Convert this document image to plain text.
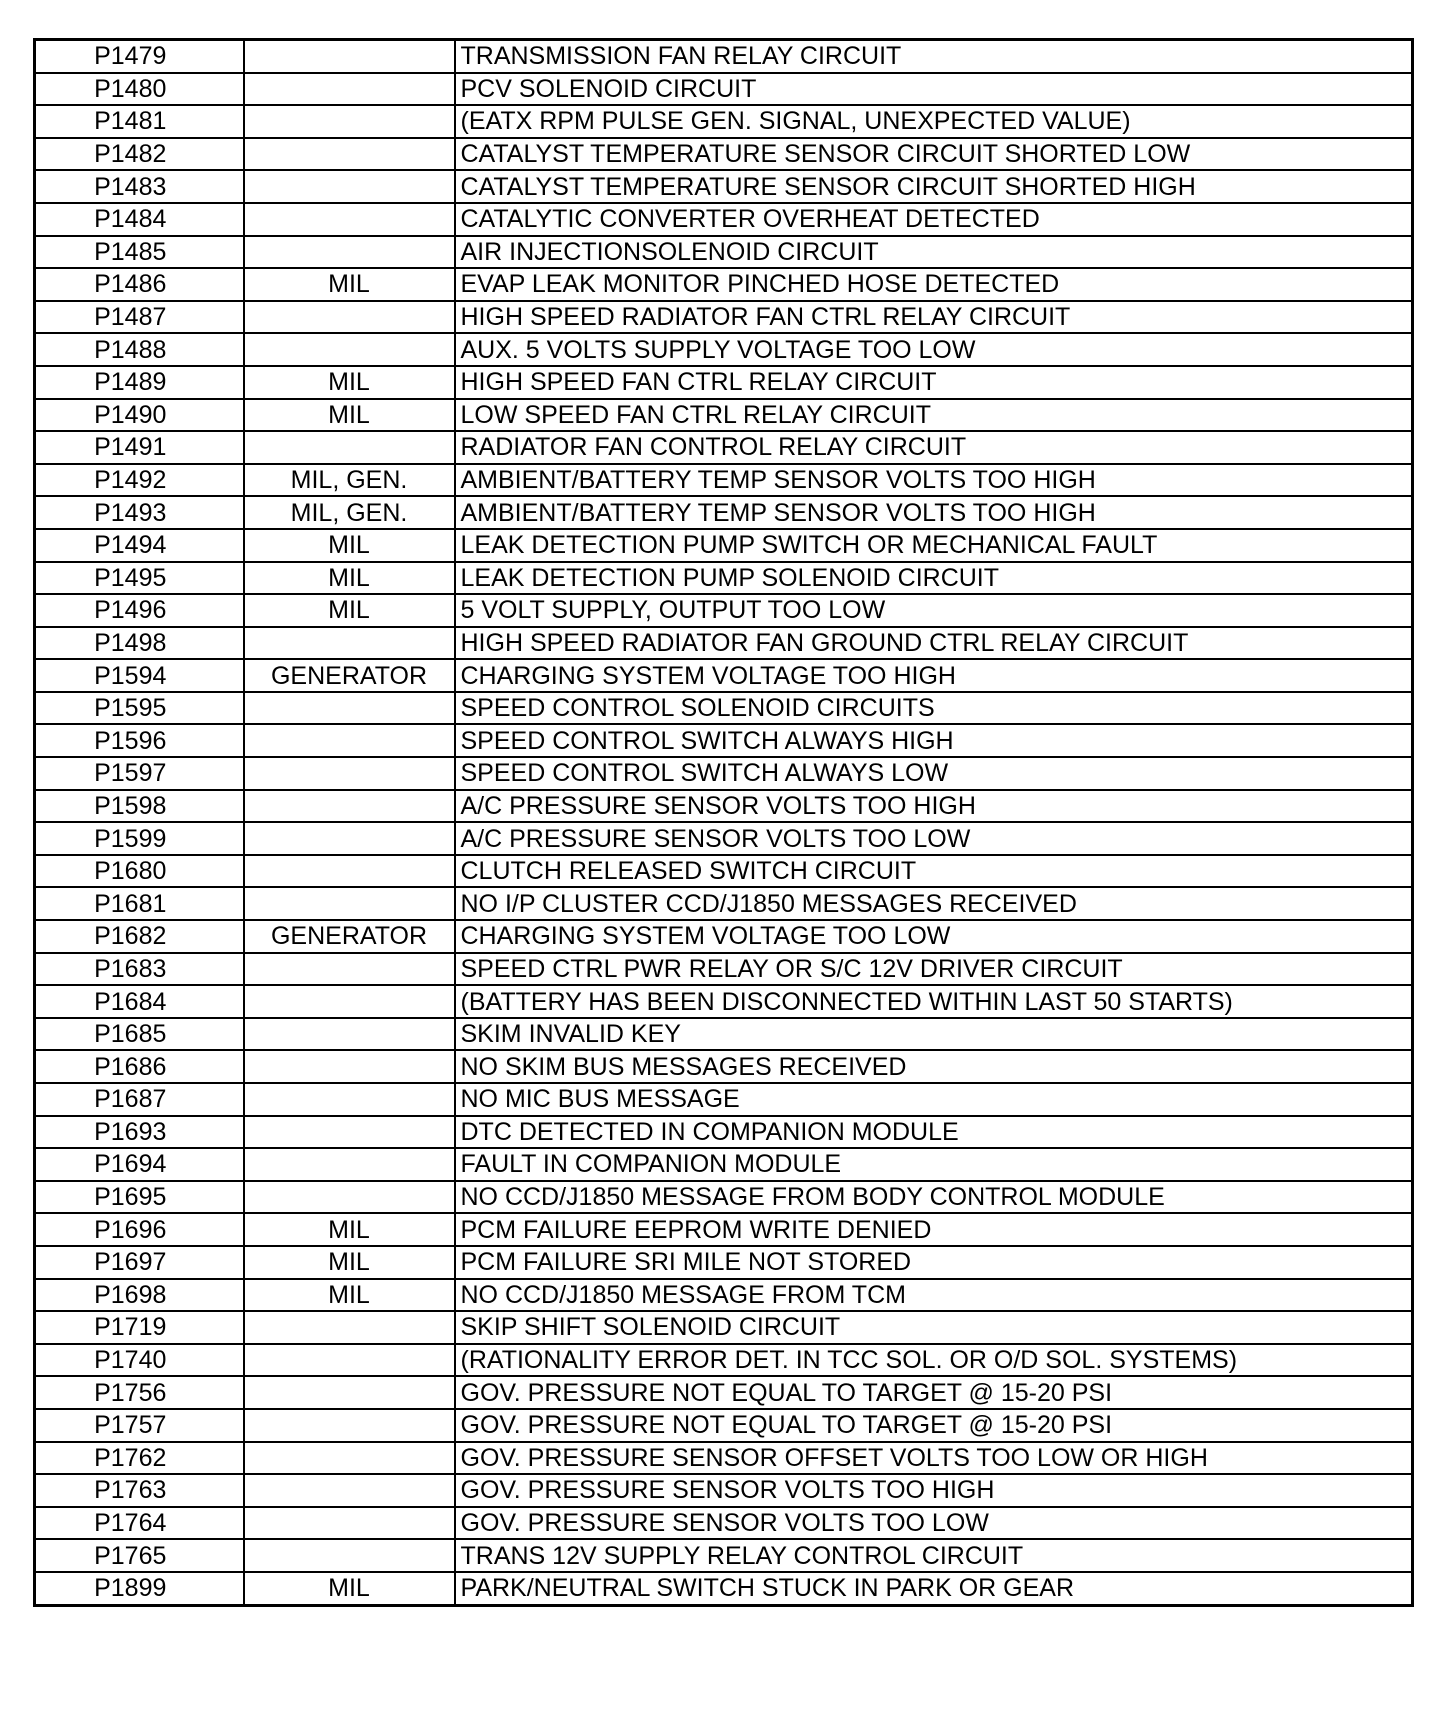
P1479		TRANSMISSION FAN RELAY CIRCUIT
P1480		PCV SOLENOID CIRCUIT
P1481		(EATX RPM PULSE GEN. SIGNAL, UNEXPECTED VALUE)
P1482		CATALYST TEMPERATURE SENSOR CIRCUIT SHORTED LOW
P1483		CATALYST TEMPERATURE SENSOR CIRCUIT SHORTED HIGH
P1484		CATALYTIC CONVERTER OVERHEAT DETECTED
P1485		AIR INJECTIONSOLENOID CIRCUIT
P1486	MIL	EVAP LEAK MONITOR PINCHED HOSE DETECTED
P1487		HIGH SPEED RADIATOR FAN CTRL RELAY CIRCUIT
P1488		AUX. 5 VOLTS SUPPLY VOLTAGE TOO LOW
P1489	MIL	HIGH SPEED FAN CTRL RELAY CIRCUIT
P1490	MIL	LOW SPEED FAN CTRL RELAY CIRCUIT
P1491		RADIATOR FAN CONTROL RELAY CIRCUIT
P1492	MIL, GEN.	AMBIENT/BATTERY TEMP SENSOR VOLTS TOO HIGH
P1493	MIL, GEN.	AMBIENT/BATTERY TEMP SENSOR VOLTS TOO HIGH
P1494	MIL	LEAK DETECTION PUMP SWITCH OR MECHANICAL FAULT
P1495	MIL	LEAK DETECTION PUMP SOLENOID CIRCUIT
P1496	MIL	5 VOLT SUPPLY, OUTPUT TOO LOW
P1498		HIGH SPEED RADIATOR FAN GROUND CTRL RELAY CIRCUIT
P1594	GENERATOR	CHARGING SYSTEM VOLTAGE TOO HIGH
P1595		SPEED CONTROL SOLENOID CIRCUITS
P1596		SPEED CONTROL SWITCH ALWAYS HIGH
P1597		SPEED CONTROL SWITCH ALWAYS LOW
P1598		A/C PRESSURE SENSOR VOLTS TOO HIGH
P1599		A/C PRESSURE SENSOR VOLTS TOO LOW
P1680		CLUTCH RELEASED SWITCH CIRCUIT
P1681		NO I/P CLUSTER CCD/J1850 MESSAGES RECEIVED
P1682	GENERATOR	CHARGING SYSTEM VOLTAGE TOO LOW
P1683		SPEED CTRL PWR RELAY OR S/C 12V DRIVER CIRCUIT
P1684		(BATTERY HAS BEEN DISCONNECTED WITHIN LAST 50 STARTS)
P1685		SKIM INVALID KEY
P1686		NO SKIM BUS MESSAGES RECEIVED
P1687		NO MIC BUS MESSAGE
P1693		DTC DETECTED IN COMPANION MODULE
P1694		FAULT IN COMPANION MODULE
P1695		NO CCD/J1850 MESSAGE FROM BODY CONTROL MODULE
P1696	MIL	PCM FAILURE EEPROM WRITE DENIED
P1697	MIL	PCM FAILURE SRI MILE NOT STORED
P1698	MIL	NO CCD/J1850 MESSAGE FROM TCM
P1719		SKIP SHIFT SOLENOID CIRCUIT
P1740		(RATIONALITY ERROR DET. IN TCC SOL. OR O/D SOL. SYSTEMS)
P1756		GOV. PRESSURE NOT EQUAL TO TARGET @ 15-20 PSI
P1757		GOV. PRESSURE NOT EQUAL TO TARGET @ 15-20 PSI
P1762		GOV. PRESSURE SENSOR OFFSET VOLTS TOO LOW OR HIGH
P1763		GOV. PRESSURE SENSOR VOLTS TOO HIGH
P1764		GOV. PRESSURE SENSOR VOLTS TOO LOW
P1765		TRANS 12V SUPPLY RELAY CONTROL CIRCUIT
P1899	MIL	PARK/NEUTRAL SWITCH STUCK IN PARK OR GEAR
